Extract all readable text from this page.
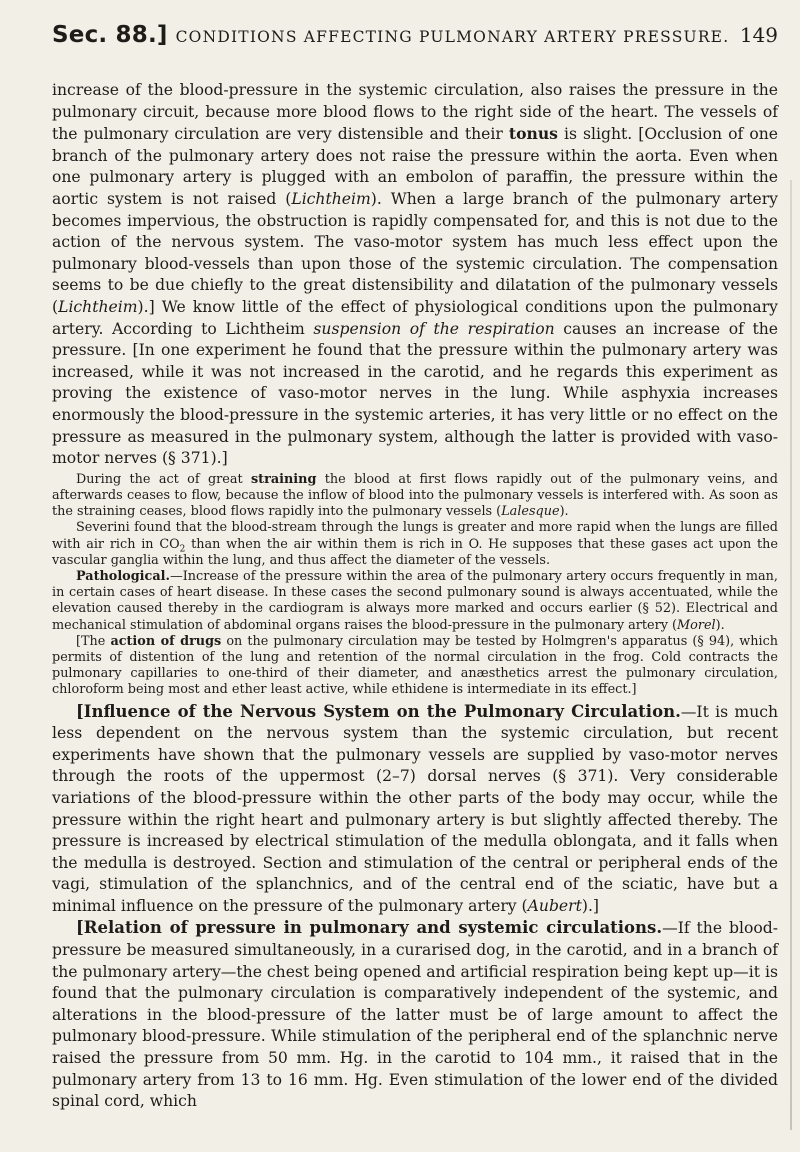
Sec. 88.] CONDITIONS AFFECTING PULMONARY ARTERY PRESSURE. 149

increase of the blood-pressure in the systemic circulation, also raises the pressure in the pulmonary circuit, because more blood flows to the right side of the heart. The vessels of the pulmonary circulation are very distensible and their tonus is slight. [Occlusion of one branch of the pulmonary artery does not raise the pressure within the aorta. Even when one pulmonary artery is plugged with an embolon of paraffin, the pressure within the aortic system is not raised (Lichtheim). When a large branch of the pulmonary artery becomes impervious, the obstruction is rapidly compensated for, and this is not due to the action of the nervous system. The vaso-motor system has much less effect upon the pulmonary blood-vessels than upon those of the systemic circulation. The compensation seems to be due chiefly to the great distensibility and dilatation of the pulmonary vessels (Lichtheim).] We know little of the effect of physiological conditions upon the pulmonary artery. According to Lichtheim suspension of the respiration causes an increase of the pressure. [In one experiment he found that the pressure within the pulmonary artery was increased, while it was not increased in the carotid, and he regards this experiment as proving the existence of vaso-motor nerves in the lung. While asphyxia increases enormously the blood-pressure in the systemic arteries, it has very little or no effect on the pressure as measured in the pulmonary system, although the latter is provided with vaso-motor nerves (§ 371).]

During the act of great straining the blood at first flows rapidly out of the pulmonary veins, and afterwards ceases to flow, because the inflow of blood into the pulmonary vessels is interfered with. As soon as the straining ceases, blood flows rapidly into the pulmonary vessels (Lalesque).

Severini found that the blood-stream through the lungs is greater and more rapid when the lungs are filled with air rich in $CO_2$ than when the air within them is rich in O. He supposes that these gases act upon the vascular ganglia within the lung, and thus affect the diameter of the vessels.

Pathological.—Increase of the pressure within the area of the pulmonary artery occurs frequently in man, in certain cases of heart disease. In these cases the second pulmonary sound is always accentuated, while the elevation caused thereby in the cardiogram is always more marked and occurs earlier (§ 52). Electrical and mechanical stimulation of abdominal organs raises the blood-pressure in the pulmonary artery (Morel).

[The action of drugs on the pulmonary circulation may be tested by Holmgren's apparatus (§ 94), which permits of distention of the lung and retention of the normal circulation in the frog. Cold contracts the pulmonary capillaries to one-third of their diameter, and anæsthetics arrest the pulmonary circulation, chloroform being most and ether least active, while ethidene is intermediate in its effect.]

[Influence of the Nervous System on the Pulmonary Circulation.—It is much less dependent on the nervous system than the systemic circulation, but recent experiments have shown that the pulmonary vessels are supplied by vaso-motor nerves through the roots of the uppermost (2–7) dorsal nerves (§ 371). Very considerable variations of the blood-pressure within the other parts of the body may occur, while the pressure within the right heart and pulmonary artery is but slightly affected thereby. The pressure is increased by electrical stimulation of the medulla oblongata, and it falls when the medulla is destroyed. Section and stimulation of the central or peripheral ends of the vagi, stimulation of the splanchnics, and of the central end of the sciatic, have but a minimal influence on the pressure of the pulmonary artery (Aubert).]

[Relation of pressure in pulmonary and systemic circulations.—If the blood-pressure be measured simultaneously, in a curarised dog, in the carotid, and in a branch of the pulmonary artery—the chest being opened and artificial respiration being kept up—it is found that the pulmonary circulation is comparatively independent of the systemic, and alterations in the blood-pressure of the latter must be of large amount to affect the pulmonary blood-pressure. While stimulation of the peripheral end of the splanchnic nerve raised the pressure from 50 mm. Hg. in the carotid to 104 mm., it raised that in the pulmonary artery from 13 to 16 mm. Hg. Even stimulation of the lower end of the divided spinal cord, which
